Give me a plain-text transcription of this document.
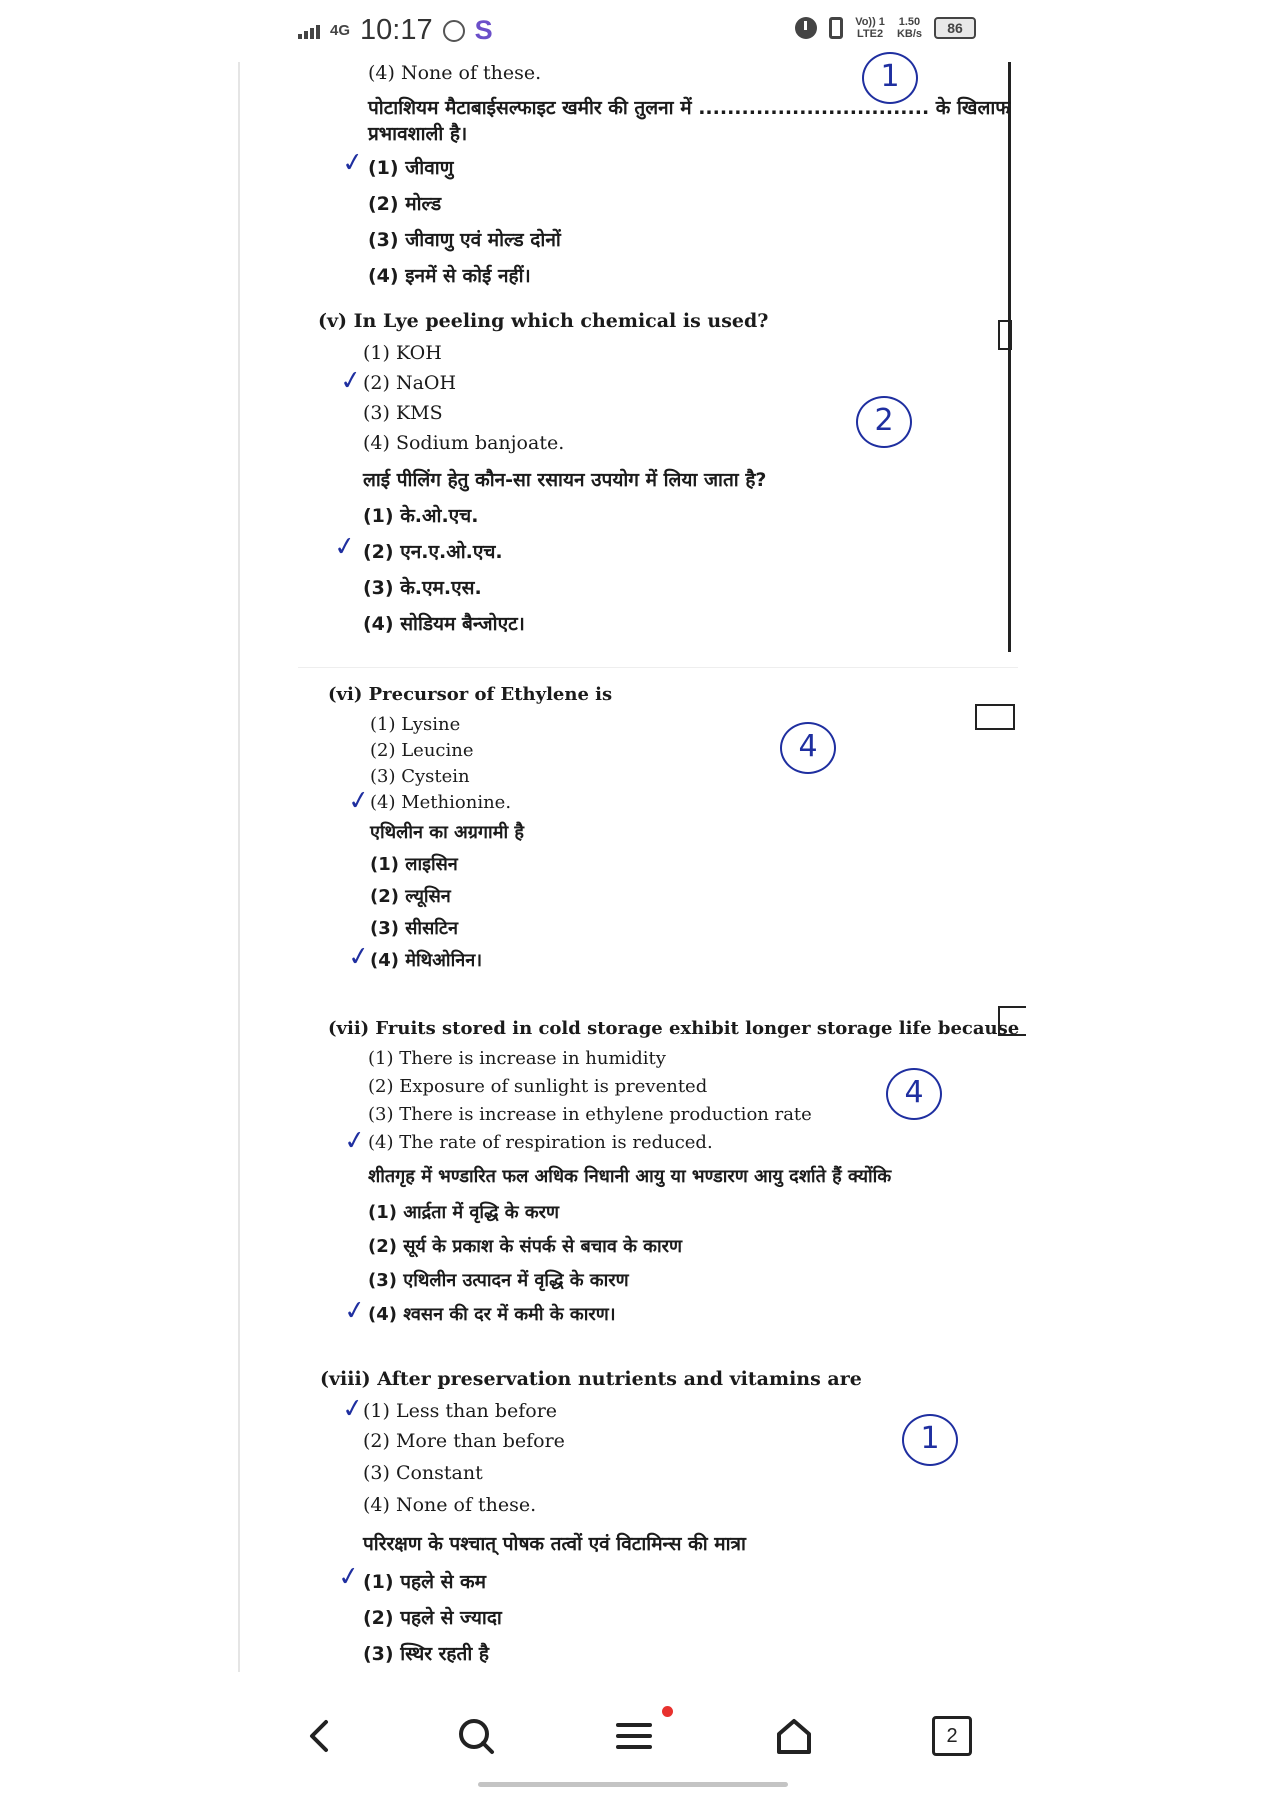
4G 10:17 S	Vo)) 1
LTE2
1.50
KB/s	86
(4) None of these.
पोटाशियम मैटाबाईसल्फाइट खमीर की तुलना में ................................ के खिलाफ
प्रभावशाली है।
(1) जीवाणु
(2) मोल्ड
(3) जीवाणु एवं मोल्ड दोनों
(4) इनमें से कोई नहीं।
(v) In Lye peeling which chemical is used?
(1) KOH
(2) NaOH
(3) KMS
(4) Sodium banjoate.
लाई पीलिंग हेतु कौन-सा रसायन उपयोग में लिया जाता है?
(1) के.ओ.एच.
(2) एन.ए.ओ.एच.
(3) के.एम.एस.
(4) सोडियम बैन्जोएट।
(vi) Precursor of Ethylene is
(1) Lysine
(2) Leucine
(3) Cystein
(4) Methionine.
एथिलीन का अग्रगामी है
(1) लाइसिन
(2) ल्यूसिन
(3) सीसटिन
(4) मेथिओनिन।
(vii) Fruits stored in cold storage exhibit longer storage life because
(1) There is increase in humidity
(2) Exposure of sunlight is prevented
(3) There is increase in ethylene production rate
(4) The rate of respiration is reduced.
शीतगृह में भण्डारित फल अधिक निधानी आयु या भण्डारण आयु दर्शाते हैं क्योंकि
(1) आर्द्रता में वृद्धि के करण
(2) सूर्य के प्रकाश के संपर्क से बचाव के कारण
(3) एथिलीन उत्पादन में वृद्धि के कारण
(4) श्वसन की दर में कमी के कारण।
(viii) After preservation nutrients and vitamins are
(1) Less than before
(2) More than before
(3) Constant
(4) None of these.
परिरक्षण के पश्चात् पोषक तत्वों एवं विटामिन्स की मात्रा
(1) पहले से कम
(2) पहले से ज्यादा
(3) स्थिर रहती है
✓
✓
✓
✓
✓
✓
✓
✓
✓
1
2
4
4
1
2
